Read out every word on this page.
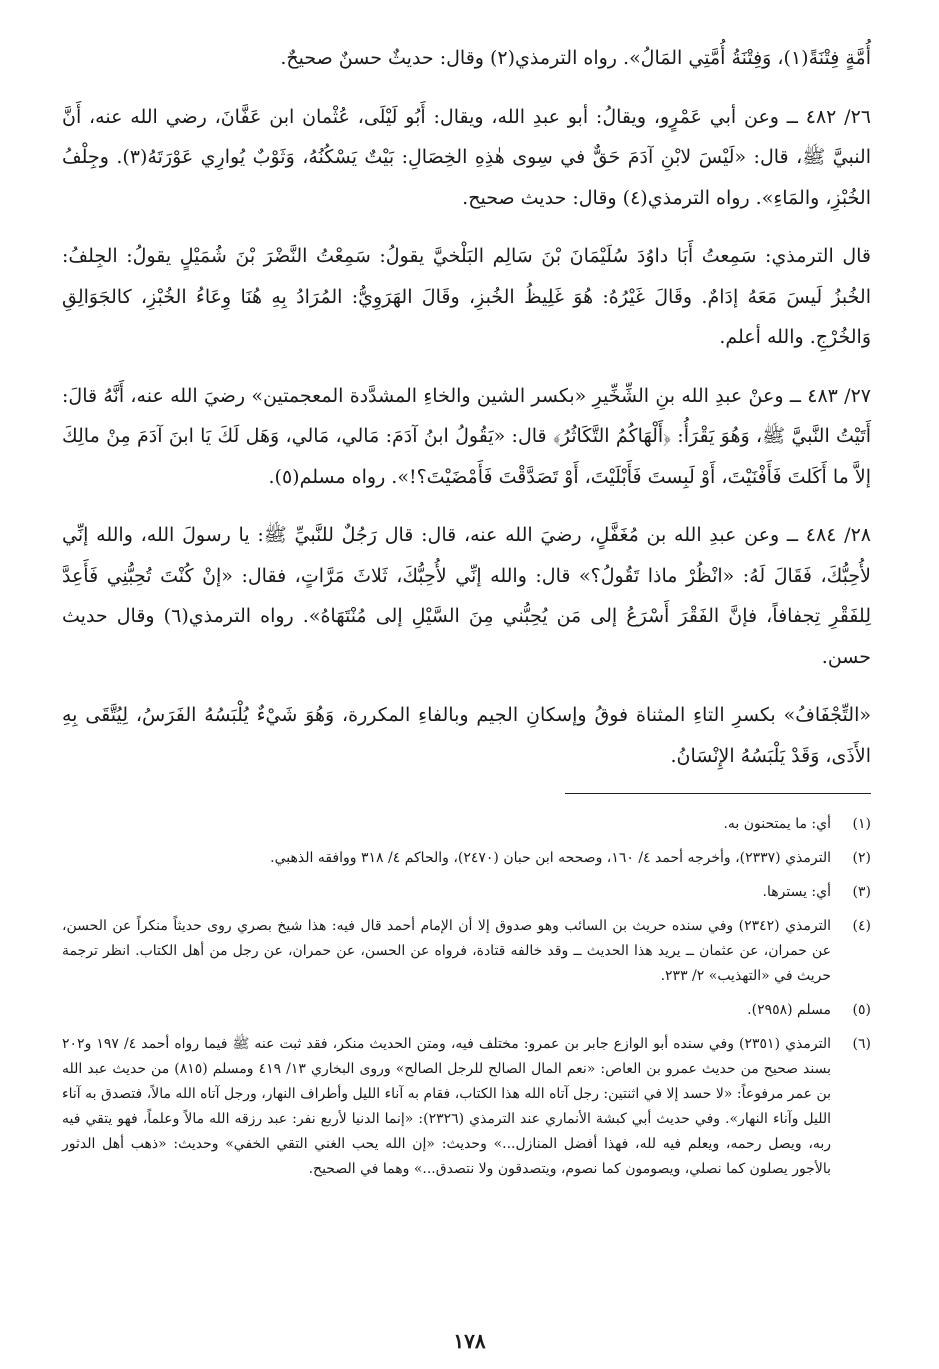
أُمَّةٍ فِتْنَةً(١)، وَفِتْنَةُ أُمَّتِي المَالُ». رواه الترمذي(٢) وقال: حديثٌ حسنٌ صحيحٌ.

٢٦/ ٤٨٢ ــ وعن أبي عَمْرٍو، ويقالُ: أبو عبدِ الله، ويقال: أَبُو لَيْلَى، عُثْمان ابن عَفَّانَ، رضي الله عنه، أَنَّ النبيَّ ﷺ، قال: «لَيْسَ لابْنِ آدَمَ حَقٌّ في سِوى هٰذِهِ الخِصَالِ: بَيْتٌ يَسْكُنُهُ، وَثَوْبٌ يُوارِي عَوْرَتَهُ(٣). وجِلْفُ الخُبْزِ، والمَاءِ». رواه الترمذي(٤) وقال: حديث صحيح.

قال الترمذي: سَمِعتُ أَبَا داوُدَ سُلَيْمَانَ بْنَ سَالِم البَلْخيَّ يقولُ: سَمِعْتُ النَّضْرَ بْنَ شُمَيْلٍ يقولُ: الجِلفُ: الخُبزُ لَيسَ مَعَهُ إدَامٌ. وقَالَ غَيْرُهُ: هُوَ غَلِيظُ الخُبزِ، وقَالَ الهَرَوِيُّ: المُرَادُ بِهِ هُنَا وِعَاءُ الخُبْزِ، كالجَوَالِقِ وَالخُرْجِ. والله أعلم.

٢٧/ ٤٨٣ ــ وعنْ عبدِ الله بنِ الشِّخِّيرِ «بكسر الشين والخاءِ المشدَّدة المعجمتين» رضيَ الله عنه، أَنَّهُ قالَ: أَتَيْتُ النَّبيَّ ﷺ، وَهُوَ يَقْرَأُ: ﴿أَلْهَاكُمُ التَّكَاثُرُ﴾ قال: «يَقُولُ ابنُ آدَمَ: مَالي، مَالي، وَهَل لَكَ يَا ابنَ آدَمَ مِنْ مالِكَ إلاَّ ما أَكَلتَ فَأَفْنَيْتَ، أَوْ لَبِستَ فَأَبْلَيْتَ، أَوْ تَصَدَّقْتَ فَأَمْضَيْتَ؟!». رواه مسلم(٥).

٢٨/ ٤٨٤ ــ وعن عبدِ الله بن مُغَفَّلٍ، رضيَ الله عنه، قال: قال رَجُلٌ للنَّبيِّ ﷺ: يا رسولَ الله، والله إنِّي لأُحِبُّكَ، فَقَالَ لَهُ: «انْظُرْ ماذا تَقُولُ؟» قال: والله إنِّي لأُحِبُّكَ، ثَلاثَ مَرَّاتٍ، فقال: «إنْ كُنْتَ تُحِبُّنِي فَأَعِدَّ لِلفَقْرِ تِجفافاً، فإنَّ الفَقْرَ أَسْرَعُ إلى مَن يُحِبُّني مِنَ السَّيْلِ إلى مُنْتَهَاهُ». رواه الترمذي(٦) وقال حديث حسن.

«التِّجْفَافُ» بكسرِ التاءِ المثناة فوقُ وإسكانِ الجيم وبالفاءِ المكررة، وَهُوَ شَيْءٌ يُلْبَسُهُ الفَرَسُ، لِيُتَّقَى بِهِ الأَذَى، وَقَدْ يَلْبَسُهُ الإِنْسَانُ.

(١)
أي: ما يمتحنون به.
(٢)
الترمذي (٢٣٣٧)، وأخرجه أحمد ٤/ ١٦٠، وصححه ابن حبان (٢٤٧٠)، والحاكم ٤/ ٣١٨ ووافقه الذهبي.
(٣)
أي: يسترها.
(٤)
الترمذي (٢٣٤٢) وفي سنده حريث بن السائب وهو صدوق إلا أن الإمام أحمد قال فيه: هذا شيخ بصري روى حديثاً منكراً عن الحسن، عن حمران، عن عثمان ــ يريد هذا الحديث ــ وقد خالفه قتادة، فرواه عن الحسن، عن حمران، عن رجل من أهل الكتاب. انظر ترجمة حريث في «التهذيب» ٢/ ٢٣٣.
(٥)
مسلم (٢٩٥٨).
(٦)
الترمذي (٢٣٥١) وفي سنده أبو الوازع جابر بن عمرو: مختلف فيه، ومتن الحديث منكر، فقد ثبت عنه ﷺ فيما رواه أحمد ٤/ ١٩٧ و٢٠٢ بسند صحيح من حديث عمرو بن العاص: «نعم المال الصالح للرجل الصالح» وروى البخاري ١٣/ ٤١٩ ومسلم (٨١٥) من حديث عبد الله بن عمر مرفوعاً: «لا حسد إلا في اثنتين: رجل آتاه الله هذا الكتاب، فقام به آناء الليل وأطراف النهار، ورجل آتاه الله مالاً، فتصدق به آناء الليل وآناء النهار». وفي حديث أبي كبشة الأنماري عند الترمذي (٢٣٢٦): «إنما الدنيا لأربع نفر: عبد رزقه الله مالاً وعلماً، فهو يتقي فيه ربه، ويصل رحمه، ويعلم فيه لله، فهذا أفضل المنازل...» وحديث: «إن الله يحب الغني التقي الخفي» وحديث: «ذهب أهل الدثور بالأجور يصلون كما نصلي، ويصومون كما نصوم، ويتصدقون ولا نتصدق...» وهما في الصحيح.
١٧٨
